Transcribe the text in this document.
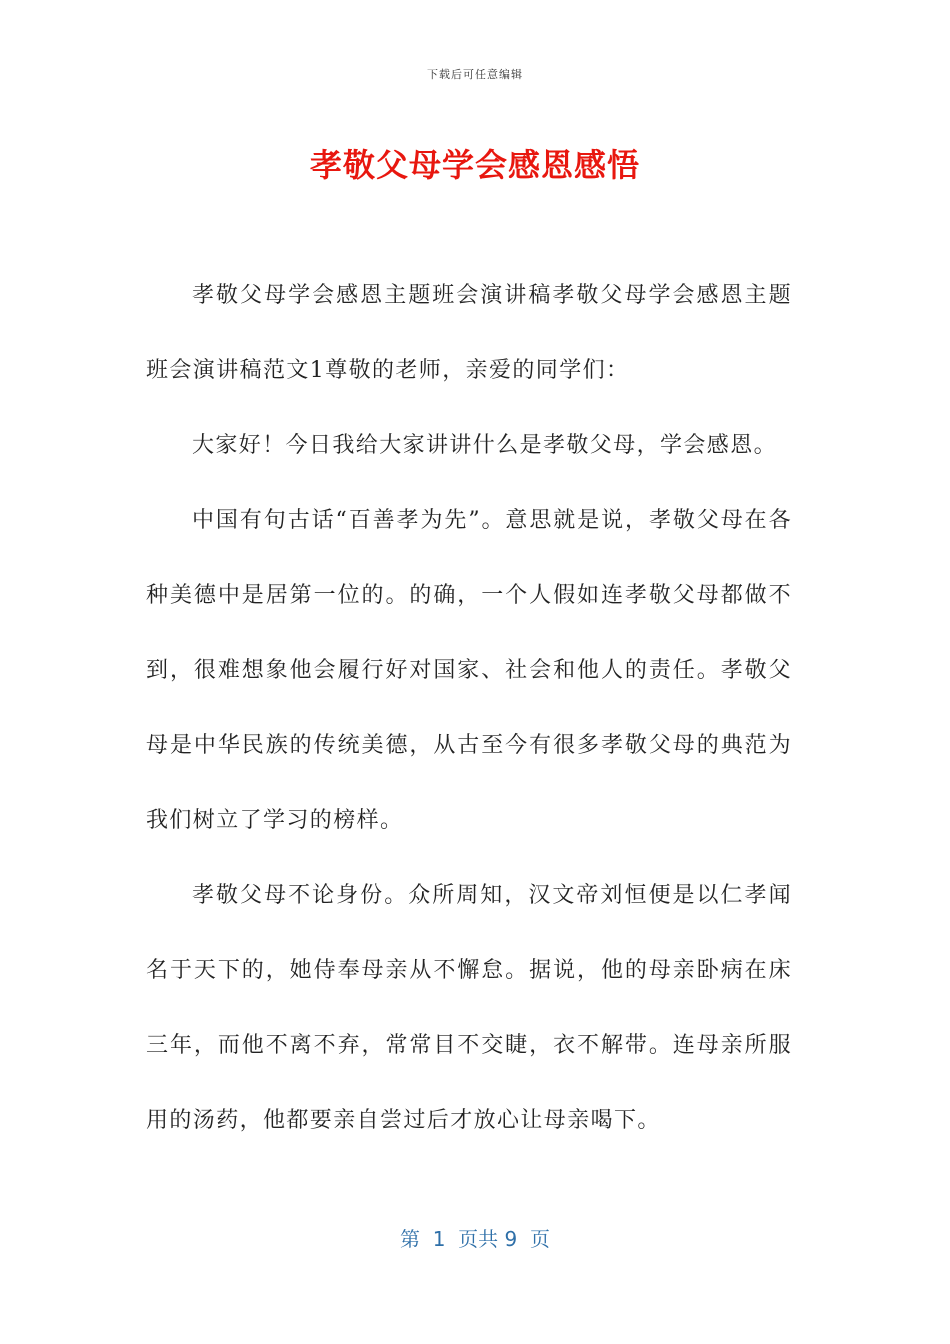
下载后可任意编辑
孝敬父母学会感恩感悟

孝敬父母学会感恩主题班会演讲稿孝敬父母学会感恩主题班会演讲稿范文1尊敬的老师，亲爱的同学们：

大家好！今日我给大家讲讲什么是孝敬父母，学会感恩。

中国有句古话“百善孝为先”。意思就是说，孝敬父母在各种美德中是居第一位的。的确，一个人假如连孝敬父母都做不到，很难想象他会履行好对国家、社会和他人的责任。孝敬父母是中华民族的传统美德，从古至今有很多孝敬父母的典范为我们树立了学习的榜样。

孝敬父母不论身份。众所周知，汉文帝刘恒便是以仁孝闻名于天下的，她侍奉母亲从不懈怠。据说，他的母亲卧病在床三年，而他不离不弃，常常目不交睫，衣不解带。连母亲所服用的汤药，他都要亲自尝过后才放心让母亲喝下。

第  1  页共 9  页
